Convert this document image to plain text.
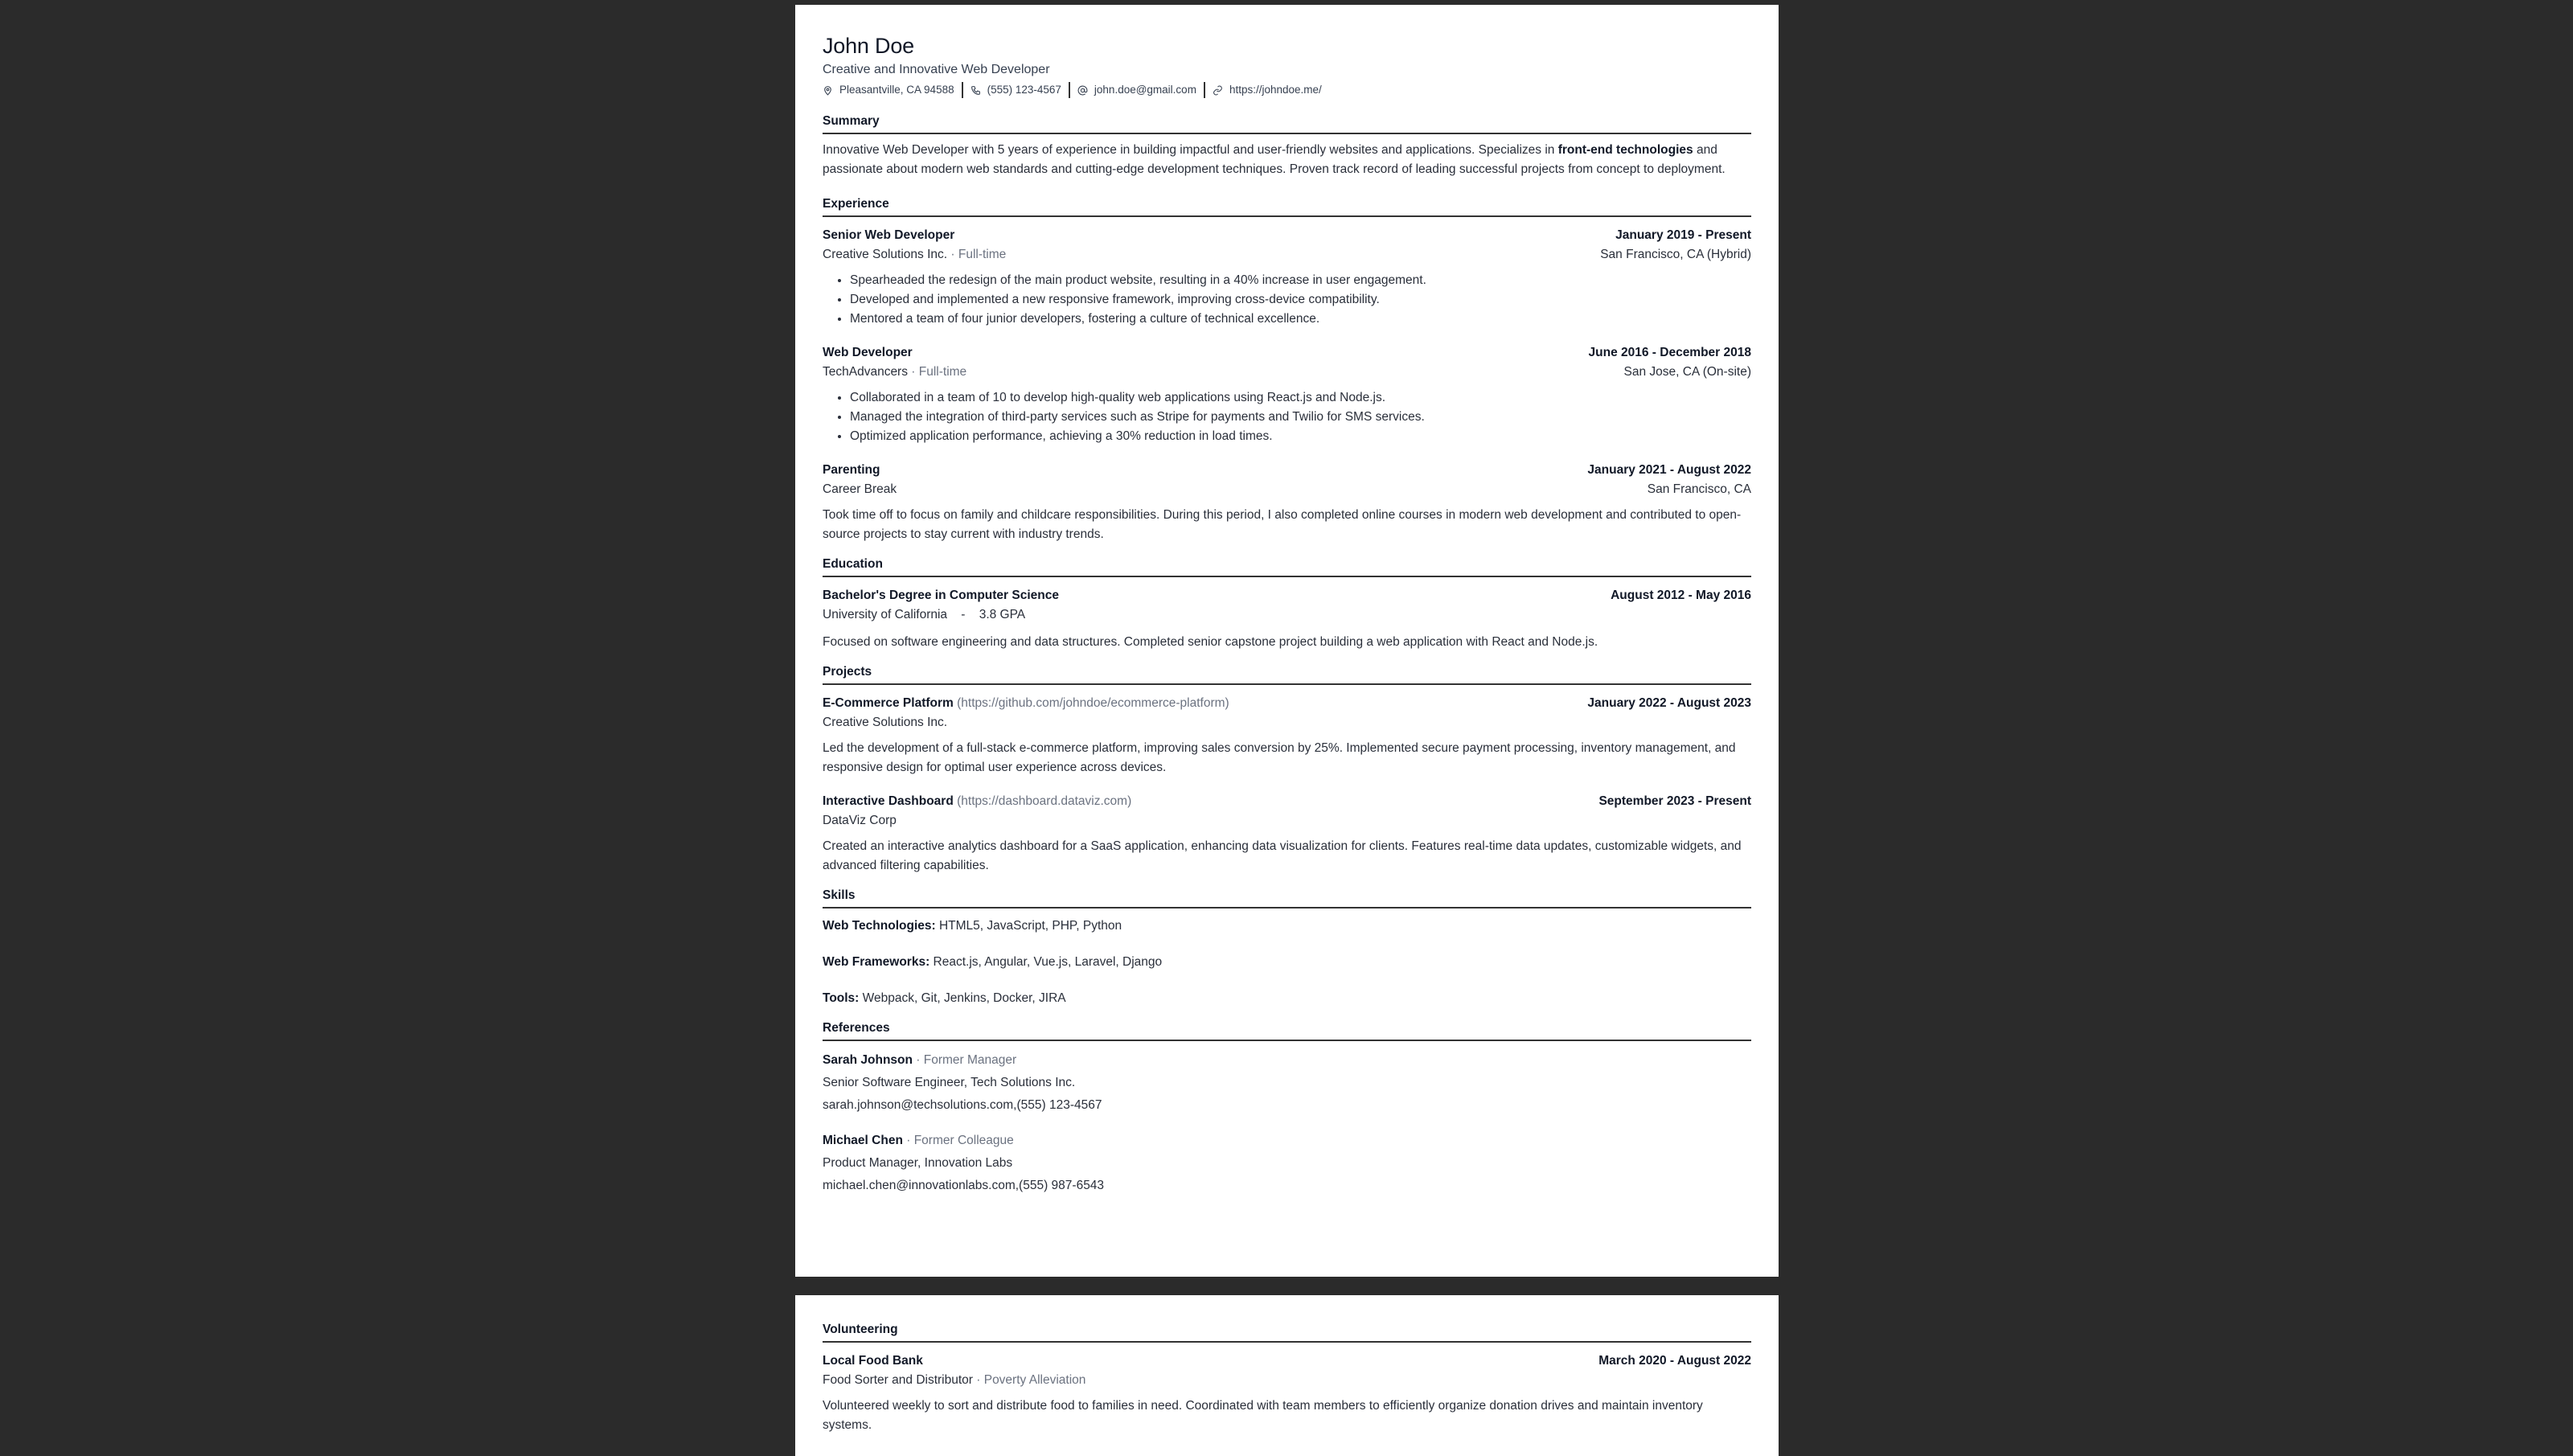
John Doe
Creative and Innovative Web Developer
Pleasantville, CA 94588	(555) 123-4567	john.doe@gmail.com	https://johndoe.me/
Summary

Innovative Web Developer with 5 years of experience in building impactful and user-friendly websites and applications. Specializes in front-end technologies and passionate about modern web standards and cutting-edge development techniques. Proven track record of leading successful projects from concept to deployment.

Experience
Senior Web Developer	January 2019 - Present
Creative Solutions Inc. · Full-time	San Francisco, CA (Hybrid)
• Spearheaded the redesign of the main product website, resulting in a 40% increase in user engagement.
• Developed and implemented a new responsive framework, improving cross-device compatibility.
• Mentored a team of four junior developers, fostering a culture of technical excellence.
Web Developer	June 2016 - December 2018
TechAdvancers · Full-time	San Jose, CA (On-site)
• Collaborated in a team of 10 to develop high-quality web applications using React.js and Node.js.
• Managed the integration of third-party services such as Stripe for payments and Twilio for SMS services.
• Optimized application performance, achieving a 30% reduction in load times.
Parenting	January 2021 - August 2022
Career Break	San Francisco, CA

Took time off to focus on family and childcare responsibilities. During this period, I also completed online courses in modern web development and contributed to open-source projects to stay current with industry trends.

Education
Bachelor's Degree in Computer Science	August 2012 - May 2016
University of California - 3.8 GPA

Focused on software engineering and data structures. Completed senior capstone project building a web application with React and Node.js.

Projects
E-Commerce Platform (https://github.com/johndoe/ecommerce-platform)	January 2022 - August 2023
Creative Solutions Inc.

Led the development of a full-stack e-commerce platform, improving sales conversion by 25%. Implemented secure payment processing, inventory management, and responsive design for optimal user experience across devices.

Interactive Dashboard (https://dashboard.dataviz.com)	September 2023 - Present
DataViz Corp

Created an interactive analytics dashboard for a SaaS application, enhancing data visualization for clients. Features real-time data updates, customizable widgets, and advanced filtering capabilities.

Skills
Web Technologies: HTML5, JavaScript, PHP, Python
Web Frameworks: React.js, Angular, Vue.js, Laravel, Django
Tools: Webpack, Git, Jenkins, Docker, JIRA
References
Sarah Johnson · Former Manager
Senior Software Engineer, Tech Solutions Inc.
sarah.johnson@techsolutions.com,(555) 123-4567
Michael Chen · Former Colleague
Product Manager, Innovation Labs
michael.chen@innovationlabs.com,(555) 987-6543
Volunteering
Local Food Bank	March 2020 - August 2022
Food Sorter and Distributor · Poverty Alleviation

Volunteered weekly to sort and distribute food to families in need. Coordinated with team members to efficiently organize donation drives and maintain inventory systems.
